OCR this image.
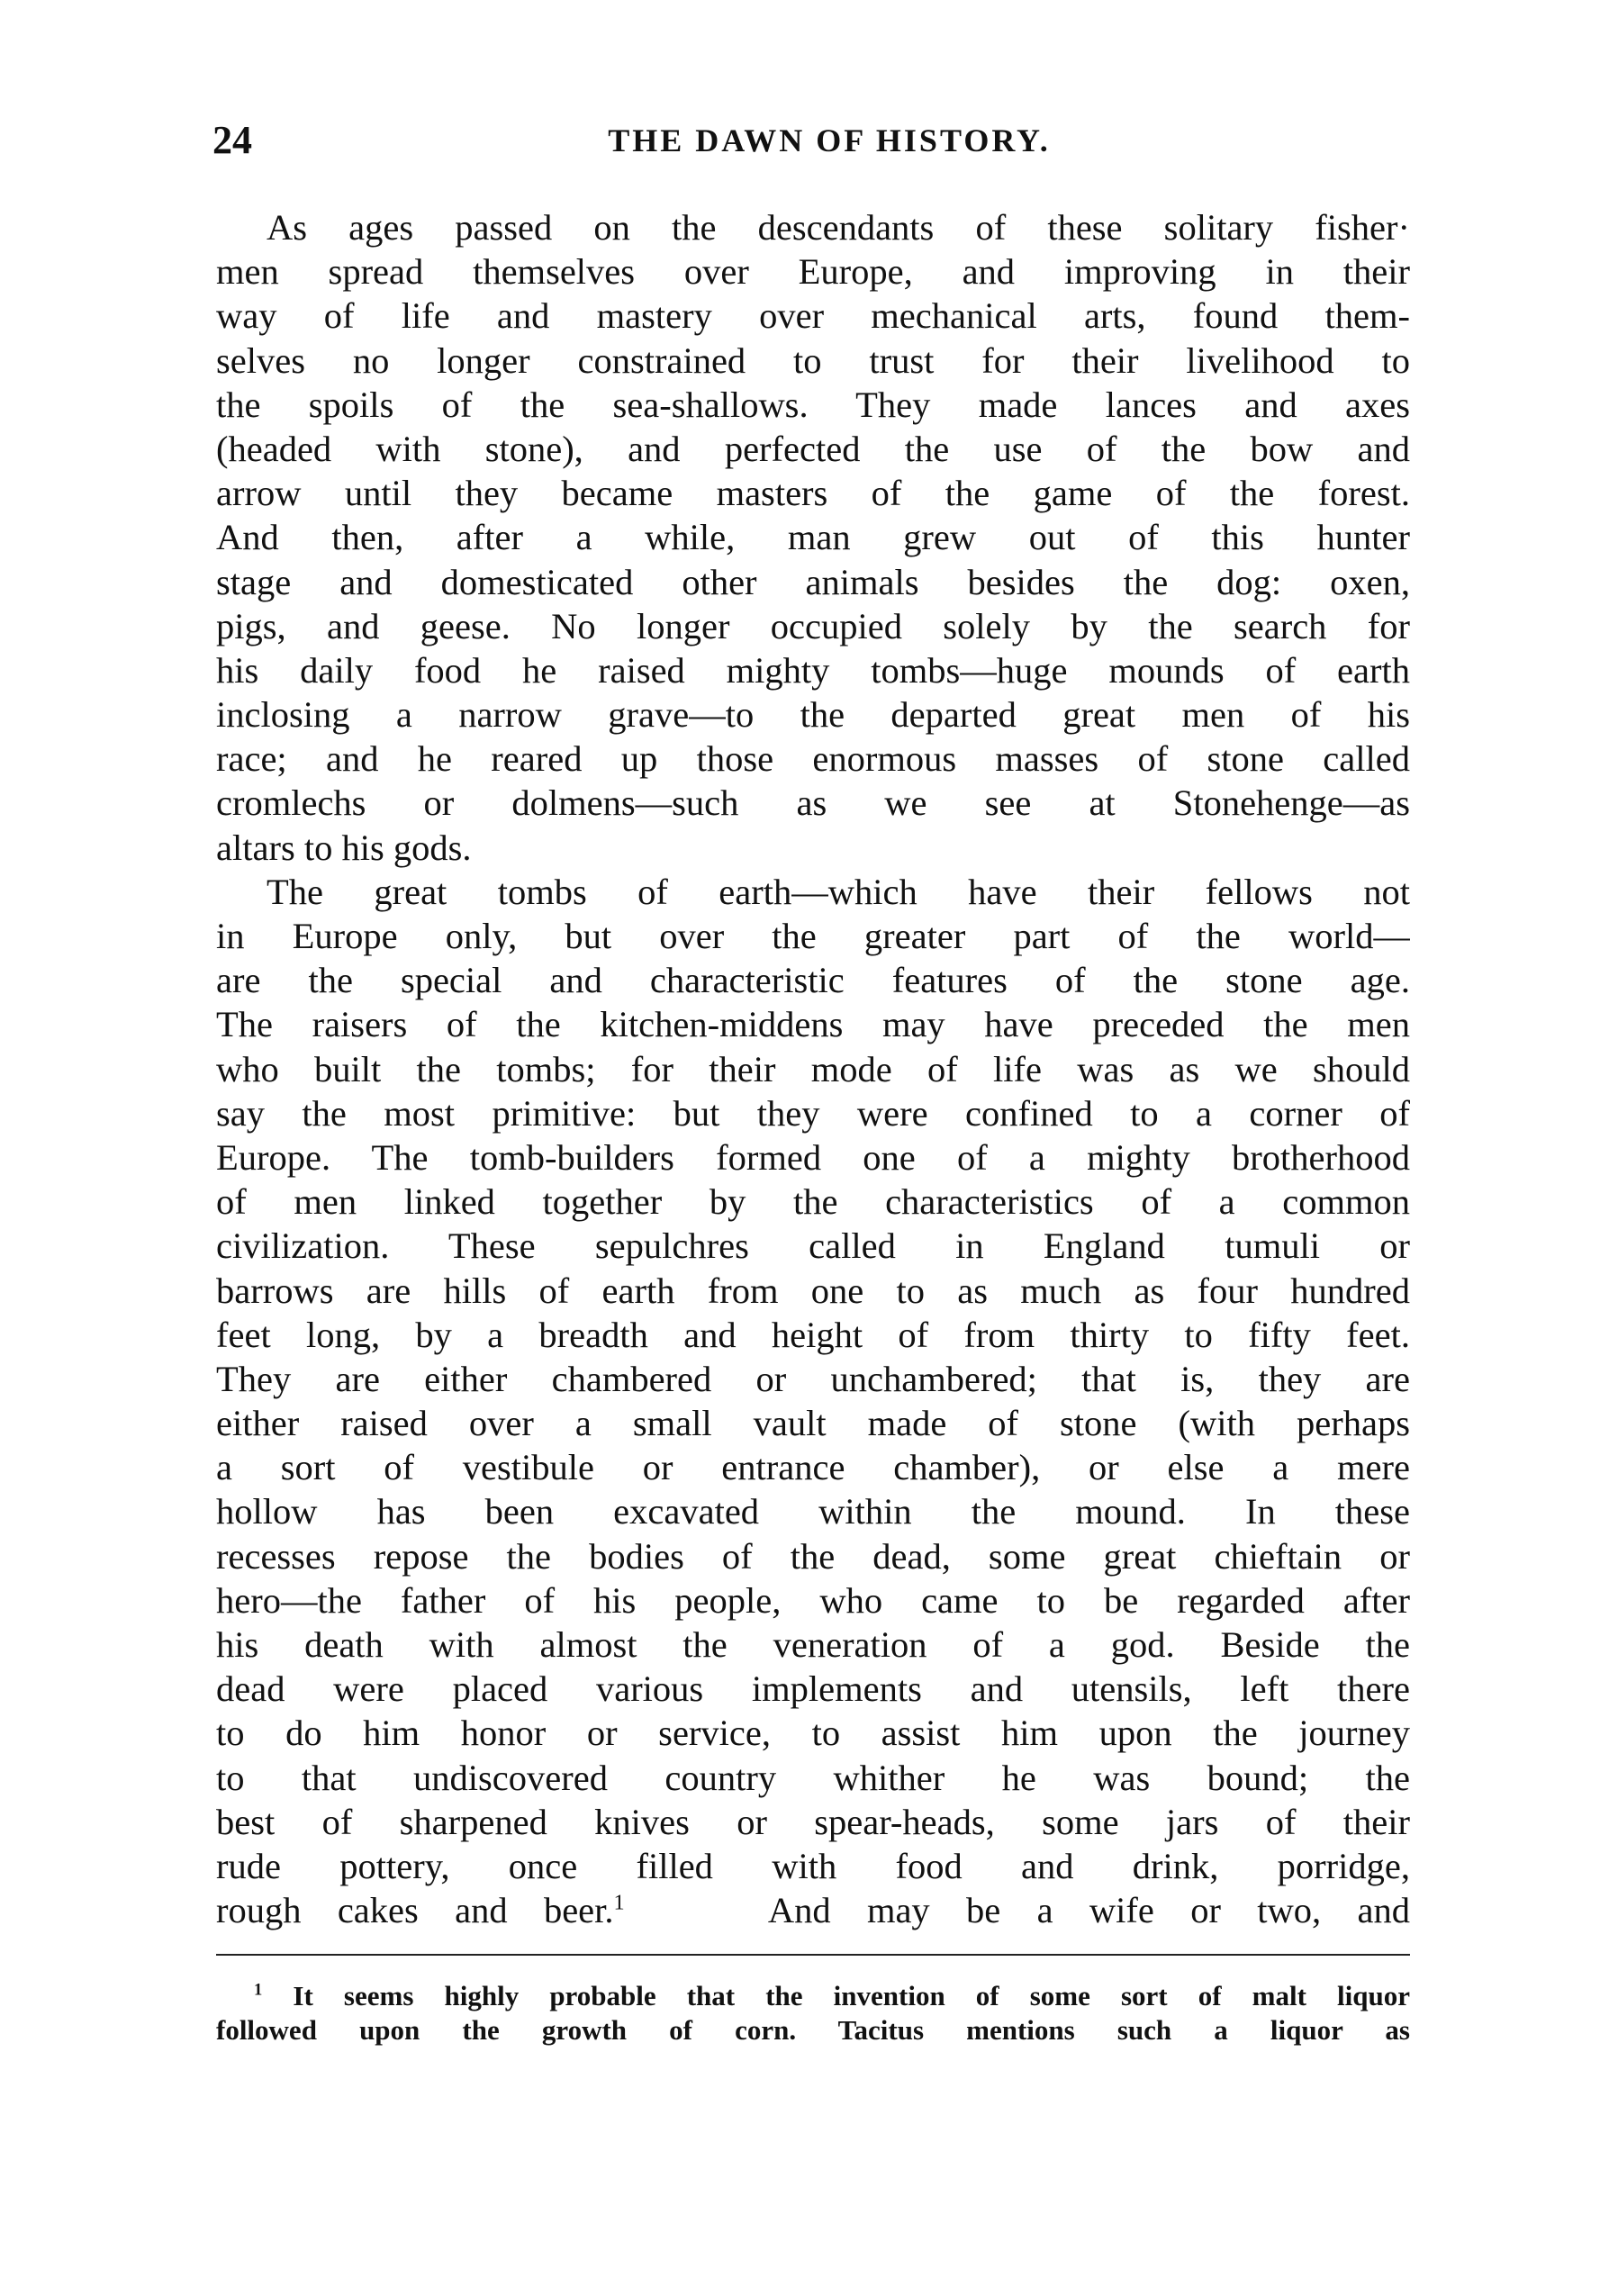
24	THE DAWN OF HISTORY.
As ages passed on the descendants of these solitary fisher·
men spread themselves over Europe, and improving in their
way of life and mastery over mechanical arts, found them-
selves no longer constrained to trust for their livelihood to
the spoils of the sea-shallows. They made lances and axes
(headed with stone), and perfected the use of the bow and
arrow until they became masters of the game of the forest.
And then, after a while, man grew out of this hunter
stage and domesticated other animals besides the dog: oxen,
pigs, and geese. No longer occupied solely by the search for
his daily food he raised mighty tombs—huge mounds of earth
inclosing a narrow grave—to the departed great men of his
race; and he reared up those enormous masses of stone called
cromlechs or dolmens—such as we see at Stonehenge—as
altars to his gods.
The great tombs of earth—which have their fellows not
in Europe only, but over the greater part of the world—
are the special and characteristic features of the stone age.
The raisers of the kitchen-middens may have preceded the men
who built the tombs; for their mode of life was as we should
say the most primitive: but they were confined to a corner of
Europe. The tomb-builders formed one of a mighty brotherhood
of men linked together by the characteristics of a common
civilization. These sepulchres called in England tumuli or
barrows are hills of earth from one to as much as four hundred
feet long, by a breadth and height of from thirty to fifty feet.
They are either chambered or unchambered; that is, they are
either raised over a small vault made of stone (with perhaps
a sort of vestibule or entrance chamber), or else a mere
hollow has been excavated within the mound. In these
recesses repose the bodies of the dead, some great chieftain or
hero—the father of his people, who came to be regarded after
his death with almost the veneration of a god. Beside the
dead were placed various implements and utensils, left there
to do him honor or service, to assist him upon the journey
to that undiscovered country whither he was bound; the
best of sharpened knives or spear-heads, some jars of their
rude pottery, once filled with food and drink, porridge,
rough cakes and beer.$^1$	And may be a wife or two, and
$^1$ It seems highly probable that the invention of some sort of malt liquor
followed upon the growth of corn. Tacitus mentions such a liquor as
